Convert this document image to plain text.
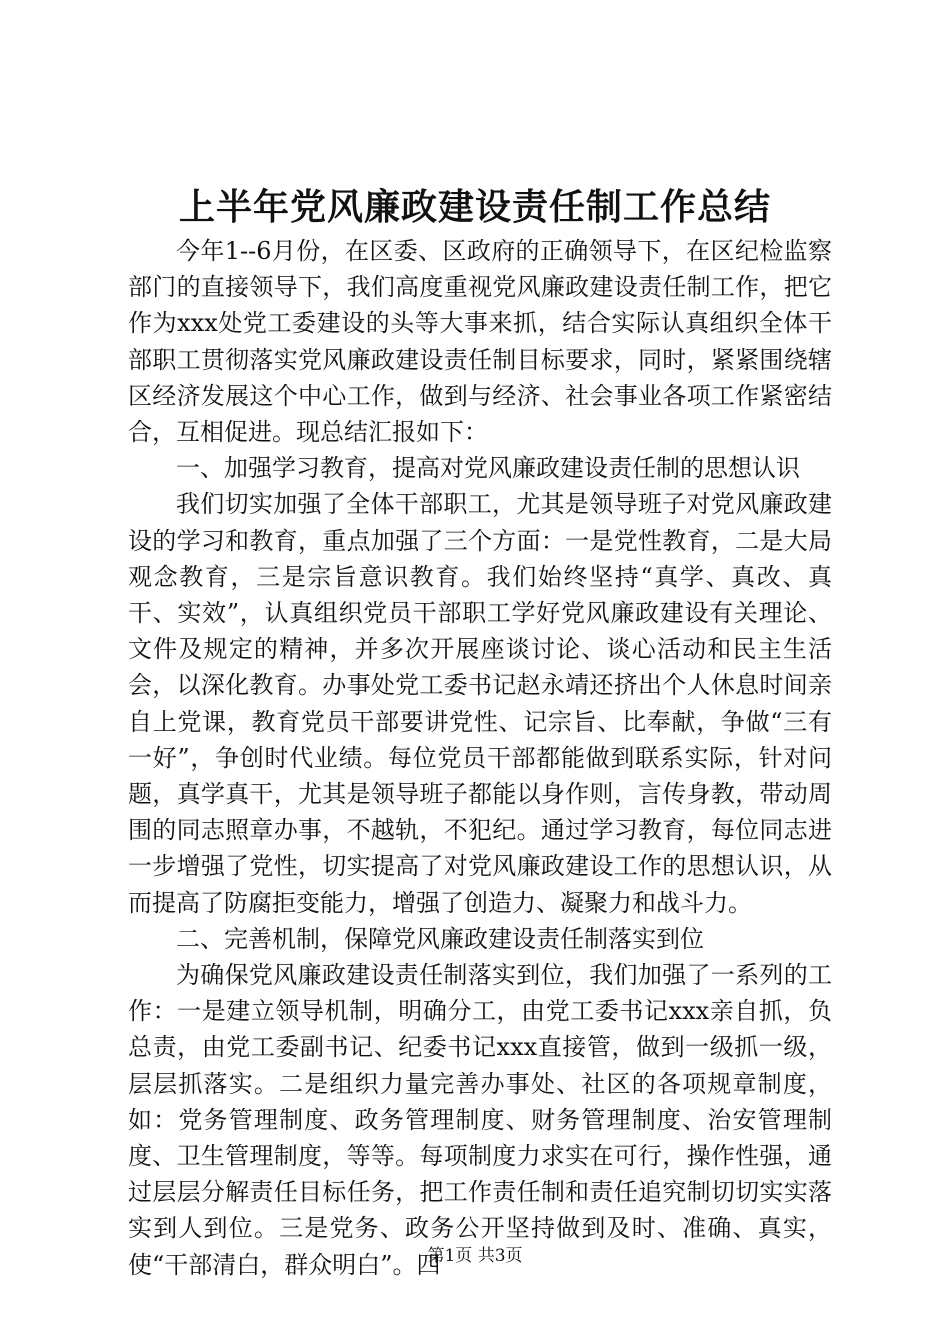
上半年党风廉政建设责任制工作总结

今年1--6月份，在区委、区政府的正确领导下，在区纪检监察部门的直接领导下，我们高度重视党风廉政建设责任制工作，把它作为xxx处党工委建设的头等大事来抓，结合实际认真组织全体干部职工贯彻落实党风廉政建设责任制目标要求，同时，紧紧围绕辖区经济发展这个中心工作，做到与经济、社会事业各项工作紧密结合，互相促进。现总结汇报如下：

一、加强学习教育，提高对党风廉政建设责任制的思想认识

我们切实加强了全体干部职工，尤其是领导班子对党风廉政建设的学习和教育，重点加强了三个方面：一是党性教育，二是大局观念教育，三是宗旨意识教育。我们始终坚持“真学、真改、真干、实效”，认真组织党员干部职工学好党风廉政建设有关理论、文件及规定的精神，并多次开展座谈讨论、谈心活动和民主生活会，以深化教育。办事处党工委书记赵永靖还挤出个人休息时间亲自上党课，教育党员干部要讲党性、记宗旨、比奉献，争做“三有一好”，争创时代业绩。每位党员干部都能做到联系实际，针对问题，真学真干，尤其是领导班子都能以身作则，言传身教，带动周围的同志照章办事，不越轨，不犯纪。通过学习教育，每位同志进一步增强了党性，切实提高了对党风廉政建设工作的思想认识，从而提高了防腐拒变能力，增强了创造力、凝聚力和战斗力。

二、完善机制，保障党风廉政建设责任制落实到位

为确保党风廉政建设责任制落实到位，我们加强了一系列的工作：一是建立领导机制，明确分工，由党工委书记xxx亲自抓，负总责，由党工委副书记、纪委书记xxx直接管，做到一级抓一级，层层抓落实。二是组织力量完善办事处、社区的各项规章制度，如：党务管理制度、政务管理制度、财务管理制度、治安管理制度、卫生管理制度，等等。每项制度力求实在可行，操作性强，通过层层分解责任目标任务，把工作责任制和责任追究制切切实实落实到人到位。三是党务、政务公开坚持做到及时、准确、真实，使“干部清白，群众明白”。四

第1页 共3页
